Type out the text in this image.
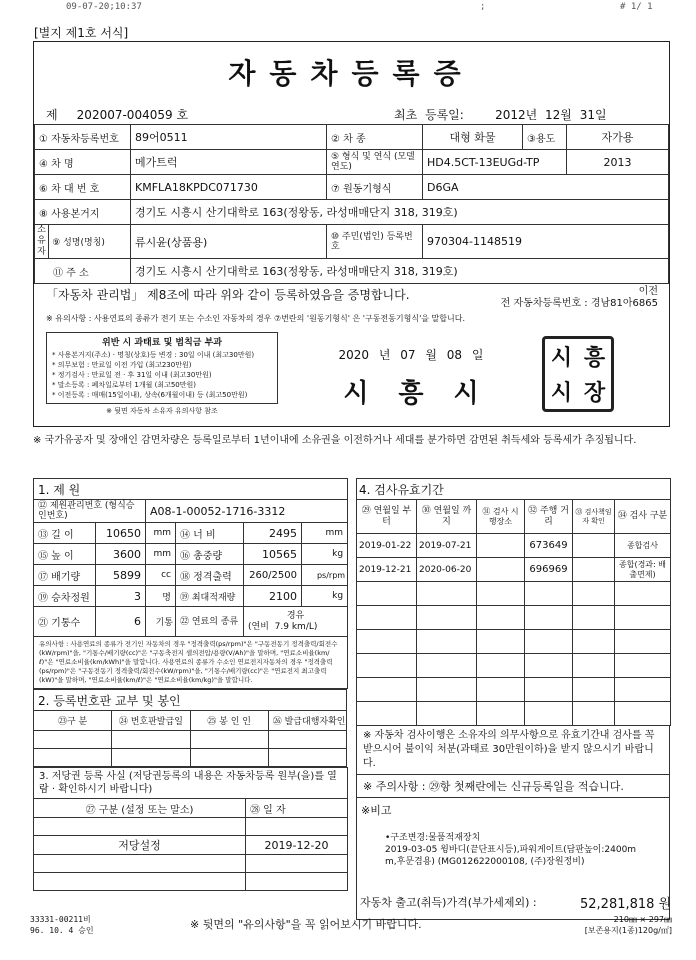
09-07-20;10:37	;	# 1/ 1
[별지 제1호 서식]
자동차등록증
제 202007-004059 호	최초 등록일:	2012년 12월 31일
① 자동차등록번호	89어0511	② 차 종	대형 화물	③용도	자가용
④ 차 명	메가트럭	⑤ 형식 및 연식 (모델연도)	HD4.5CT-13EUGd-TP		2013
⑥ 차 대 번 호	KMFLA18KPDC071730	⑦ 원동기형식	D6GA		
⑧ 사용본거지	경기도 시흥시 산기대학로 163(정왕동, 라성매매단지 318, 319호)				
소유자 ⑨ 성명(명칭)	류시윤(상품용)	⑩ 주민(법인) 등록번호	970304-1148519		
⑪ 주 소	경기도 시흥시 산기대학로 163(정왕동, 라성매매단지 318, 319호)				
「자동차 관리법」 제8조에 따라 위와 같이 등록하였음을 증명합니다.	이전
전 자동차등록번호 : 경남81아6865
※ 유의사항 : 사용연료의 종류가 전기 또는 수소인 자동차의 경우 ⑦번란의 '원동기형식' 은 '구동전동기형식'을 말합니다.
위반 시 과태료 및 범칙금 부과
* 사용본거지(주소) · 명칭(상호)등 변경 : 30일 이내 (최고30만원)
* 의무보험 : 만료일 이전 가입 (최고230만원)
* 정기검사 : 만료일 전 · 후 31일 이내 (최고30만원)
* 말소등록 : 폐차일로부터 1개월 (최고50만원)
* 이전등록 : 매매(15일이내), 상속(6개월이내) 등 (최고50만원)
※ 뒷면 자동차 소유자 유의사항 참조
2020 년 07 월 08 일
시흥시
시 흥
시 장
※ 국가유공자 및 장애인 감면차량은 등록일로부터 1년이내에 소유권을 이전하거나 세대를 분가하면 감면된 취득세와 등록세가 추징됩니다.
1. 제 원					
⑫ 제원관리번호 (형식승인번호)		A08-1-00052-1716-3312			
⑬ 길 이	10650	mm	⑭ 너 비	2495	mm
⑮ 높 이	3600	mm	⑯ 총중량	10565	kg
⑰ 배기량	5899	cc	⑱ 정격출력	260/2500	ps/rpm
⑲ 승차정원	3	명	⑲ 최대적재량	2100	kg
㉑ 기통수	6	기통	㉒ 연료의 종류	경유
(연비 7.9 km/L)	
유의사항 : 사용연료의 종류가 전기인 자동차의 경우 "정격출력(ps/rpm)"은 "구동전동기 정격출력/회전수(kW/rpm)"을, "기통수/배기량(cc)"은 "구동축전지 셀의전압/용량(V/Ah)"을 말하며, "연료소비율(km/ℓ)"은 "연료소비율(km/kWh)"을 말합니다. 사용연료의 종류가 수소인 연료전지자동차의 경우 "정격출력(ps/rpm)"은 "구동전동기 정격출력/회전수(kW/rpm)"을, "기통수/배기량(cc)"은 "연료전지 최고출력(kW)"을 말하며, "연료소비율(km/ℓ)"은 "연료소비율(km/kg)"을 말합니다.					
2. 등록번호판 교부 및 봉인			
㉓구 분	㉔ 번호판발급일	㉕ 봉 인 인	㉖ 발급대행자확인

3. 저당권 등록 사실 (저당권등록의 내용은 자동차등록 원부(을)를 열람 · 확인하시기 바랍니다)	
㉗ 구분 (설정 또는 말소)	㉘ 일 자

저당설정	2019-12-20

4. 검사유효기간					
㉙ 연월일 부터	㉚ 연월일 까지	㉛ 검사 시행장소	㉜ 주행 거리	㉝ 검사책임자 확인	㉞ 검사 구분
2019-01-22	2019-07-21		673649		종합검사
2019-12-21	2020-06-20		696969		종합(경과: 배출면제)

※ 자동차 검사이행은 소유자의 의무사항으로 유효기간내 검사를 꼭 받으시어 불이익 처분(과태료 30만원이하)을 받지 않으시기 바랍니다.
※ 주의사항 : ㉙항 첫째란에는 신규등록일을 적습니다.
※비고
•구조변경:물품적재장치
2019-03-05 윙바디(끝단표시등),파워게이트(담판높이:2400m
m,후문겸용) (MG012622000108, (주)장원정비)
자동차 출고(취득)가격(부가세제외) :	52,281,818 원
33331-00211비
96. 10. 4 승인	※ 뒷면의 "유의사항"을 꼭 읽어보시기 바랍니다.	210㎜ × 297㎜
[보존용지(1종)120g/㎡]
